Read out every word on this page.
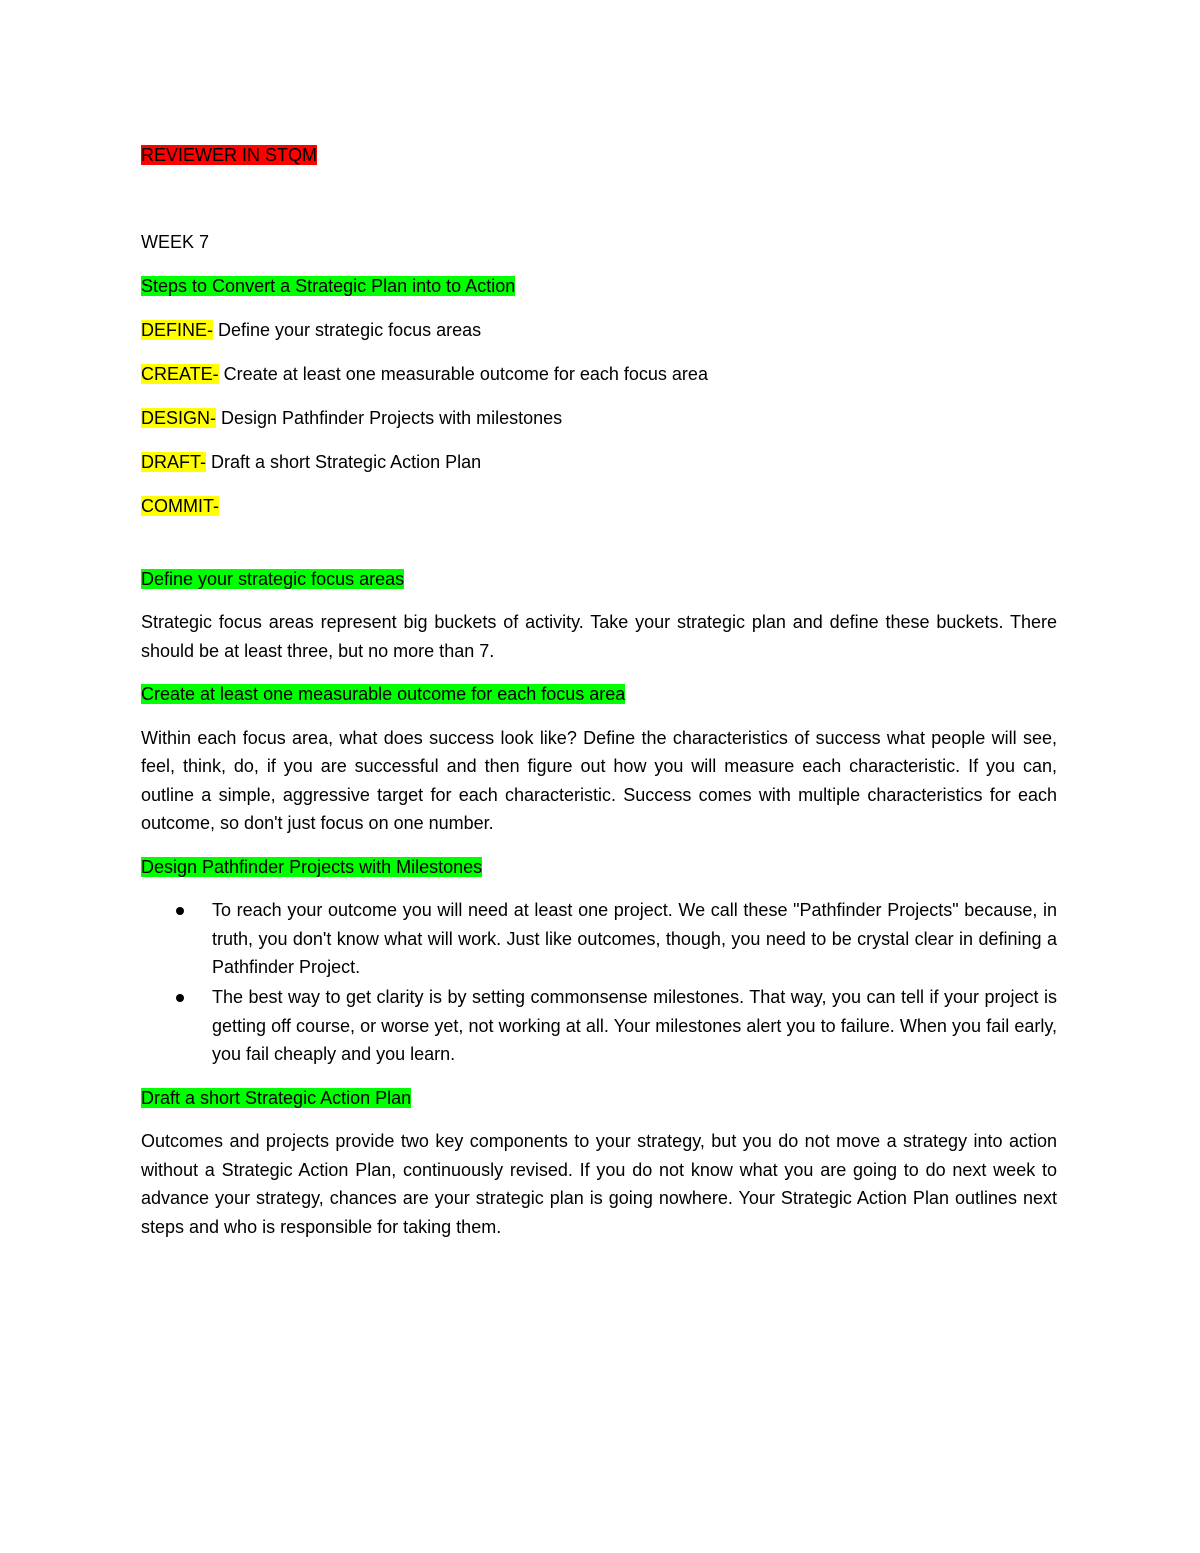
REVIEWER IN STQM

WEEK 7

Steps to Convert a Strategic Plan into to Action

DEFINE- Define your strategic focus areas

CREATE- Create at least one measurable outcome for each focus area

DESIGN- Design Pathfinder Projects with milestones

DRAFT- Draft a short Strategic Action Plan

COMMIT-

Define your strategic focus areas

Strategic focus areas represent big buckets of activity. Take your strategic plan and define these buckets. There should be at least three, but no more than 7.

Create at least one measurable outcome for each focus area

Within each focus area, what does success look like? Define the characteristics of success what people will see, feel, think, do, if you are successful and then figure out how you will measure each characteristic. If you can, outline a simple, aggressive target for each characteristic. Success comes with multiple characteristics for each outcome, so don't just focus on one number.

Design Pathfinder Projects with Milestones

To reach your outcome you will need at least one project. We call these "Pathfinder Projects" because, in truth, you don't know what will work. Just like outcomes, though, you need to be crystal clear in defining a Pathfinder Project.
The best way to get clarity is by setting commonsense milestones. That way, you can tell if your project is getting off course, or worse yet, not working at all. Your milestones alert you to failure. When you fail early, you fail cheaply and you learn.

Draft a short Strategic Action Plan

Outcomes and projects provide two key components to your strategy, but you do not move a strategy into action without a Strategic Action Plan, continuously revised. If you do not know what you are going to do next week to advance your strategy, chances are your strategic plan is going nowhere. Your Strategic Action Plan outlines next steps and who is responsible for taking them.
